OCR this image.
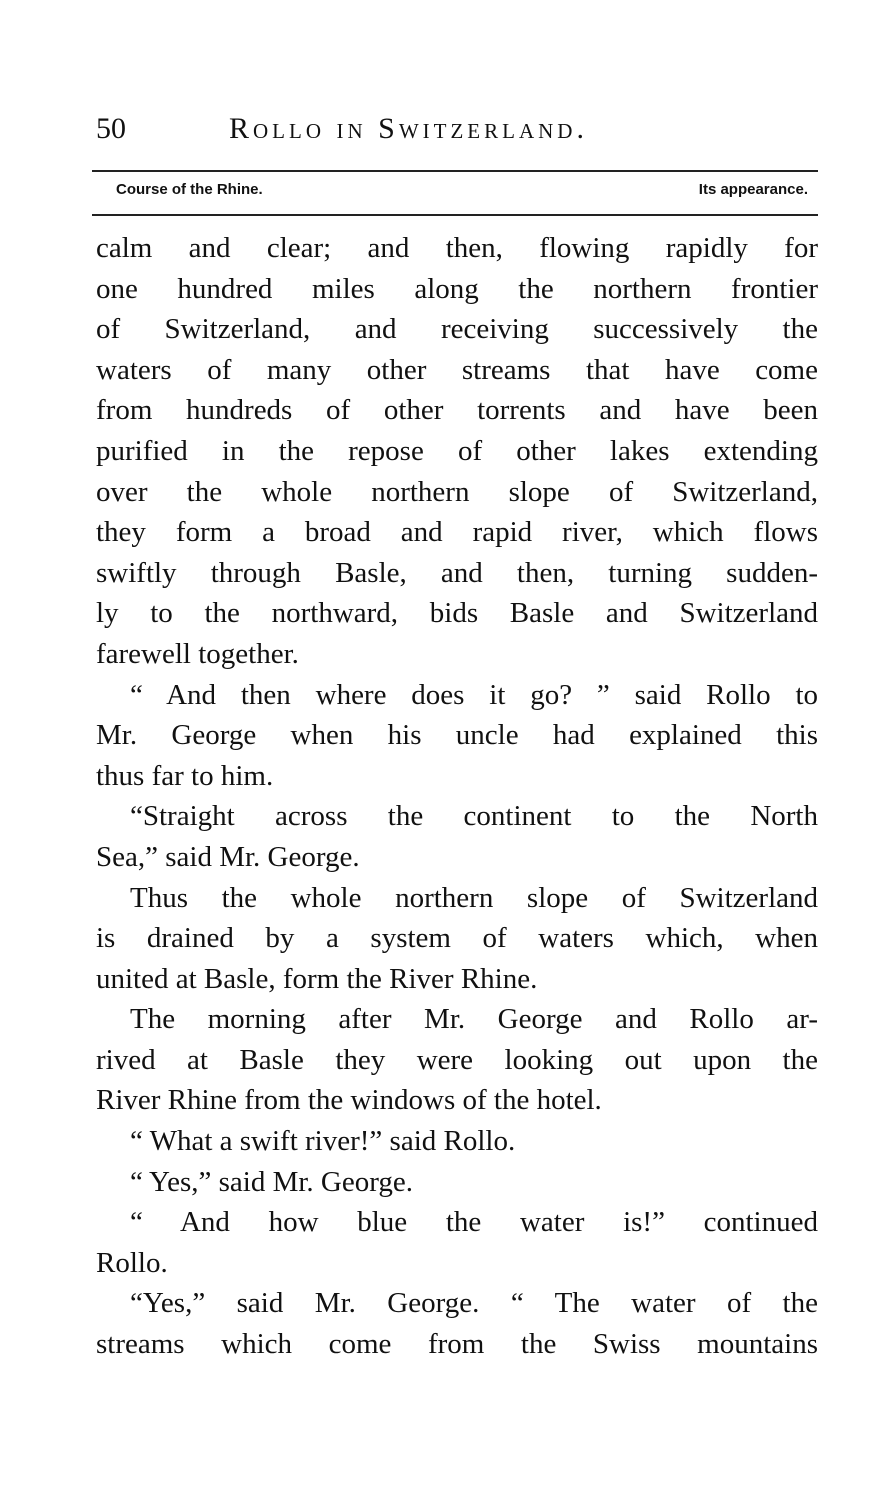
50	Rollo in Switzerland.
Course of the Rhine.	Its appearance.
calm and clear; and then, flowing rapidly for
one hundred miles along the northern frontier
of Switzerland, and receiving successively the
waters of many other streams that have come
from hundreds of other torrents and have been
purified in the repose of other lakes extending
over the whole northern slope of Switzerland,
they form a broad and rapid river, which flows
swiftly through Basle, and then, turning sudden-
ly to the northward, bids Basle and Switzerland
farewell together.
“ And then where does it go? ” said Rollo to
Mr. George when his uncle had explained this
thus far to him.
“Straight across the continent to the North
Sea,” said Mr. George.
Thus the whole northern slope of Switzerland
is drained by a system of waters which, when
united at Basle, form the River Rhine.
The morning after Mr. George and Rollo ar-
rived at Basle they were looking out upon the
River Rhine from the windows of the hotel.
“ What a swift river!” said Rollo.
“ Yes,” said Mr. George.
“ And how blue the water is!” continued
Rollo.
“Yes,” said Mr. George. “ The water of the
streams which come from the Swiss mountains
